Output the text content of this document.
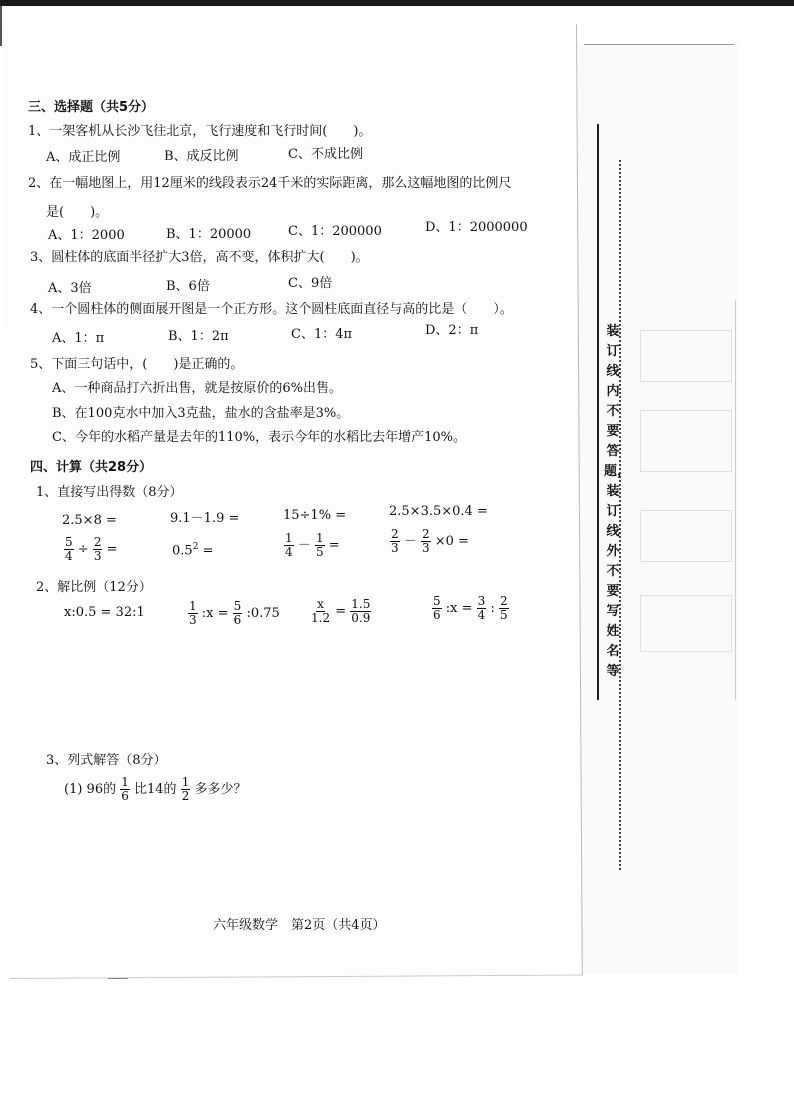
三、选择题（共5分）
1、一架客机从长沙飞往北京，飞行速度和飞行时间(　　)。
A、成正比例	B、成反比例	C、不成比例
2、在一幅地图上，用12厘米的线段表示24千米的实际距离，那么这幅地图的比例尺
是(　　)。
A、1：2000	B、1：20000	C、1：200000	D、1：2000000
3、圆柱体的底面半径扩大3倍，高不变，体积扩大(　　)。
A、3倍	B、6倍	C、9倍
4、一个圆柱体的侧面展开图是一个正方形。这个圆柱底面直径与高的比是（　　）。
A、1：π	B、1：2π	C、1：4π	D、2：π
5、下面三句话中，(　　)是正确的。
A、一种商品打六折出售，就是按原价的6%出售。
B、在100克水中加入3克盐，盐水的含盐率是3%。
C、今年的水稻产量是去年的110%，表示今年的水稻比去年增产10%。
四、计算（共28分）
1、直接写出得数（8分）
2.5×8 =	9.1－1.9 =	15÷1% =	2.5×3.5×0.4 =
$\frac{5}{4} \div \frac{2}{3}$ =	$0.5^2$ =	$\frac{1}{4} - \frac{1}{5}$ =	$\frac{2}{3} - \frac{2}{3} \times 0$ =
2、解比例（12分）
x:0.5 = 32:1	$\frac{1}{3}$ :x = $\frac{5}{6}$ :0.75	$\frac{x}{1.2} = \frac{1.5}{0.9}$	$\frac{5}{6}$ :x = $\frac{3}{4}$ : $\frac{2}{5}$
3、列式解答（8分）
(1) 96的 $\frac{1}{6}$ 比14的 $\frac{1}{2}$ 多多少？
六年级数学　第2页（共4页）
装订线内不要答题，装订线外不要写姓名等
